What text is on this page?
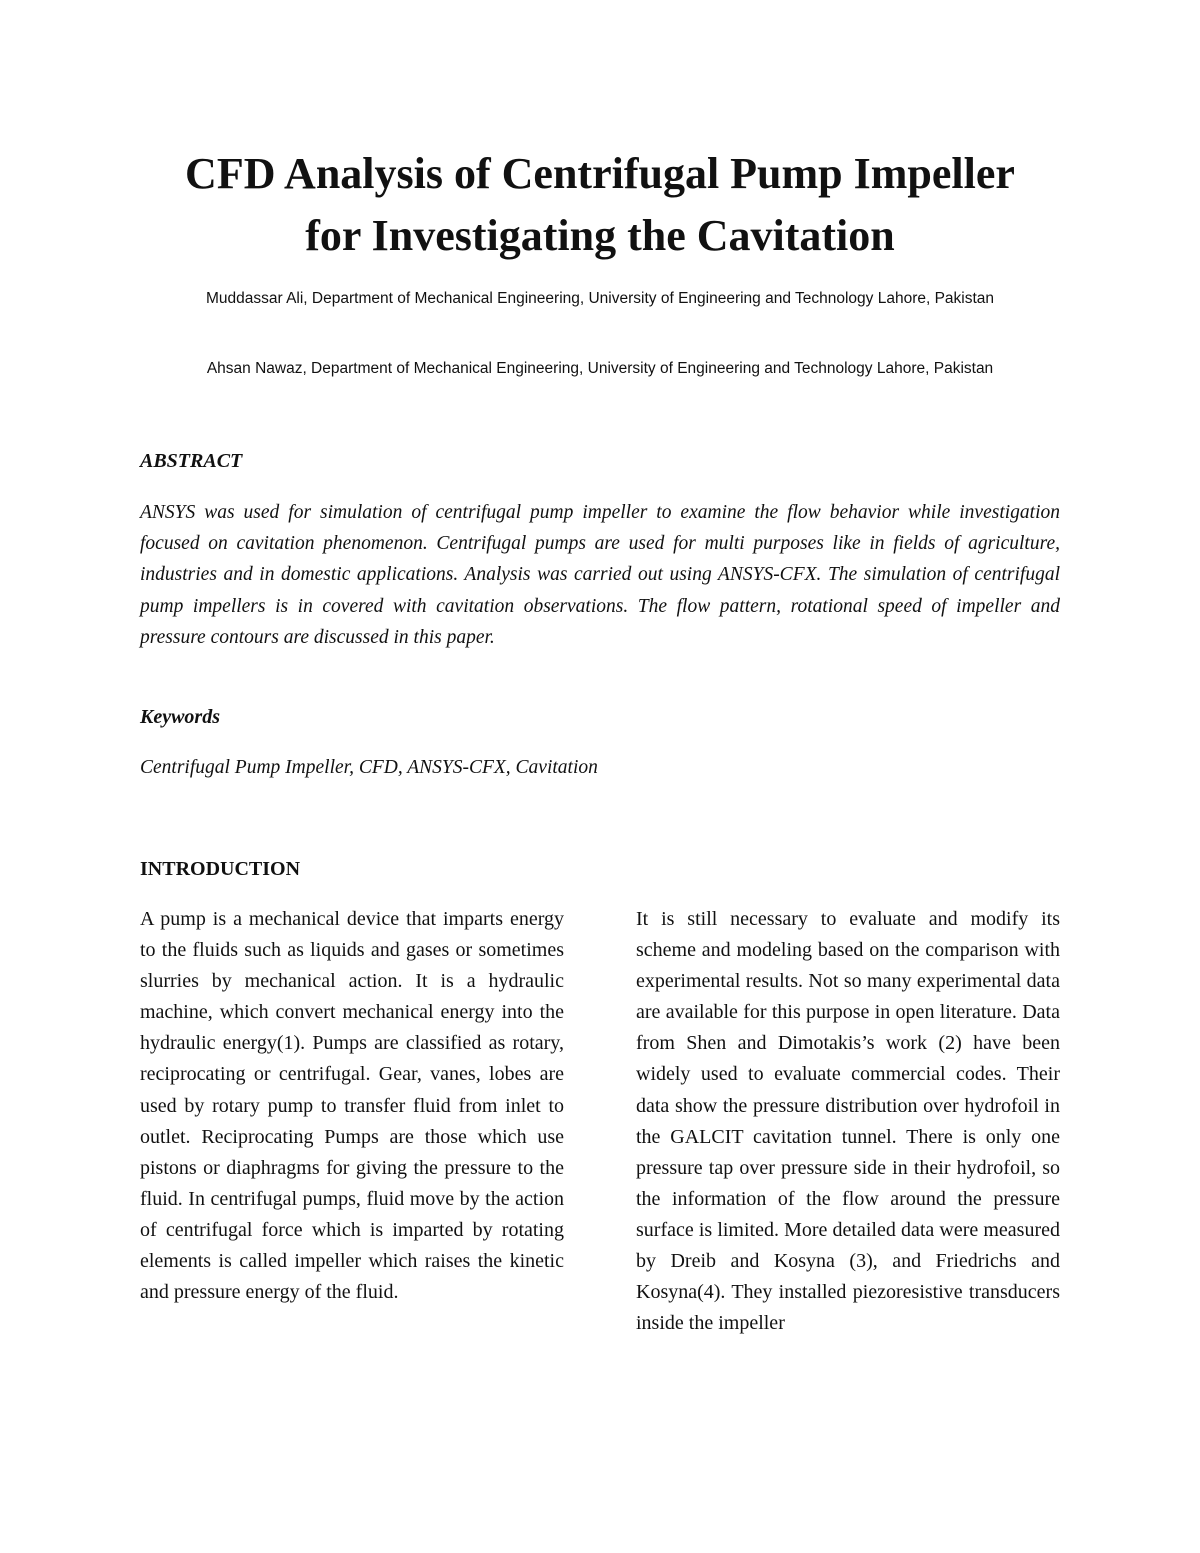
CFD Analysis of Centrifugal Pump Impeller
for Investigating the Cavitation

Muddassar Ali, Department of Mechanical Engineering, University of Engineering and Technology Lahore, Pakistan

Ahsan Nawaz, Department of Mechanical Engineering, University of Engineering and Technology Lahore, Pakistan

ABSTRACT

ANSYS was used for simulation of centrifugal pump impeller to examine the flow behavior while investigation focused on cavitation phenomenon. Centrifugal pumps are used for multi purposes like in fields of agriculture, industries and in domestic applications. Analysis was carried out using ANSYS-CFX. The simulation of centrifugal pump impellers is in covered with cavitation observations. The flow pattern, rotational speed of impeller and pressure contours are discussed in this paper.

Keywords

Centrifugal Pump Impeller, CFD, ANSYS-CFX, Cavitation

INTRODUCTION

A pump is a mechanical device that imparts energy to the fluids such as liquids and gases or sometimes slurries by mechanical action. It is a hydraulic machine, which convert mechanical energy into the hydraulic energy(1). Pumps are classified as rotary, reciprocating or centrifugal. Gear, vanes, lobes are used by rotary pump to transfer fluid from inlet to outlet. Reciprocating Pumps are those which use pistons or diaphragms for giving the pressure to the fluid. In centrifugal pumps, fluid move by the action of centrifugal force which is imparted by rotating elements is called impeller which raises the kinetic and pressure energy of the fluid.

It is still necessary to evaluate and modify its scheme and modeling based on the comparison with experimental results. Not so many experimental data are available for this purpose in open literature. Data from Shen and Dimotakis’s work (2) have been widely used to evaluate commercial codes. Their data show the pressure distribution over hydrofoil in the GALCIT cavitation tunnel. There is only one pressure tap over pressure side in their hydrofoil, so the information of the flow around the pressure surface is limited. More detailed data were measured by Dreib and Kosyna (3), and Friedrichs and Kosyna(4). They installed piezoresistive transducers inside the impeller
